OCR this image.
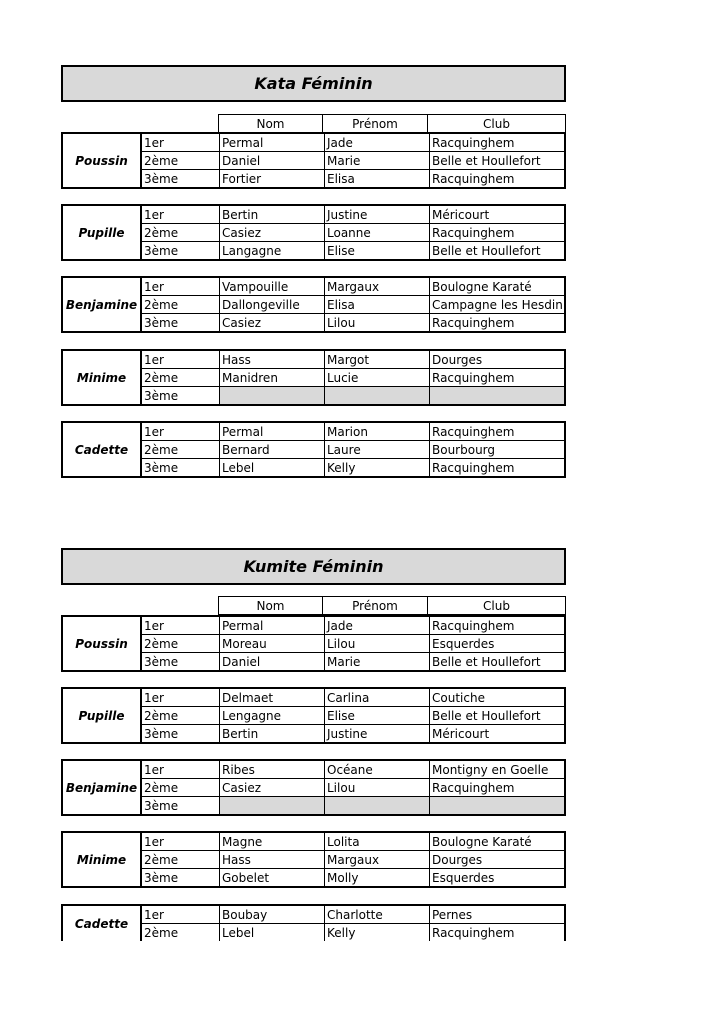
Kata Féminin
Nom	Prénom	Club
Poussin
1er	Permal	Jade	Racquinghem
2ème	Daniel	Marie	Belle et Houllefort
3ème	Fortier	Elisa	Racquinghem
Pupille
1er	Bertin	Justine	Méricourt
2ème	Casiez	Loanne	Racquinghem
3ème	Langagne	Elise	Belle et Houllefort
Benjamine
1er	Vampouille	Margaux	Boulogne Karaté
2ème	Dallongeville	Elisa	Campagne les Hesdin
3ème	Casiez	Lilou	Racquinghem
Minime
1er	Hass	Margot	Dourges
2ème	Manidren	Lucie	Racquinghem
3ème
Cadette
1er	Permal	Marion	Racquinghem
2ème	Bernard	Laure	Bourbourg
3ème	Lebel	Kelly	Racquinghem
Kumite Féminin
Nom	Prénom	Club
Poussin
1er	Permal	Jade	Racquinghem
2ème	Moreau	Lilou	Esquerdes
3ème	Daniel	Marie	Belle et Houllefort
Pupille
1er	Delmaet	Carlina	Coutiche
2ème	Lengagne	Elise	Belle et Houllefort
3ème	Bertin	Justine	Méricourt
Benjamine
1er	Ribes	Océane	Montigny en Goelle
2ème	Casiez	Lilou	Racquinghem
3ème
Minime
1er	Magne	Lolita	Boulogne Karaté
2ème	Hass	Margaux	Dourges
3ème	Gobelet	Molly	Esquerdes
Cadette
1er	Boubay	Charlotte	Pernes
2ème	Lebel	Kelly	Racquinghem
